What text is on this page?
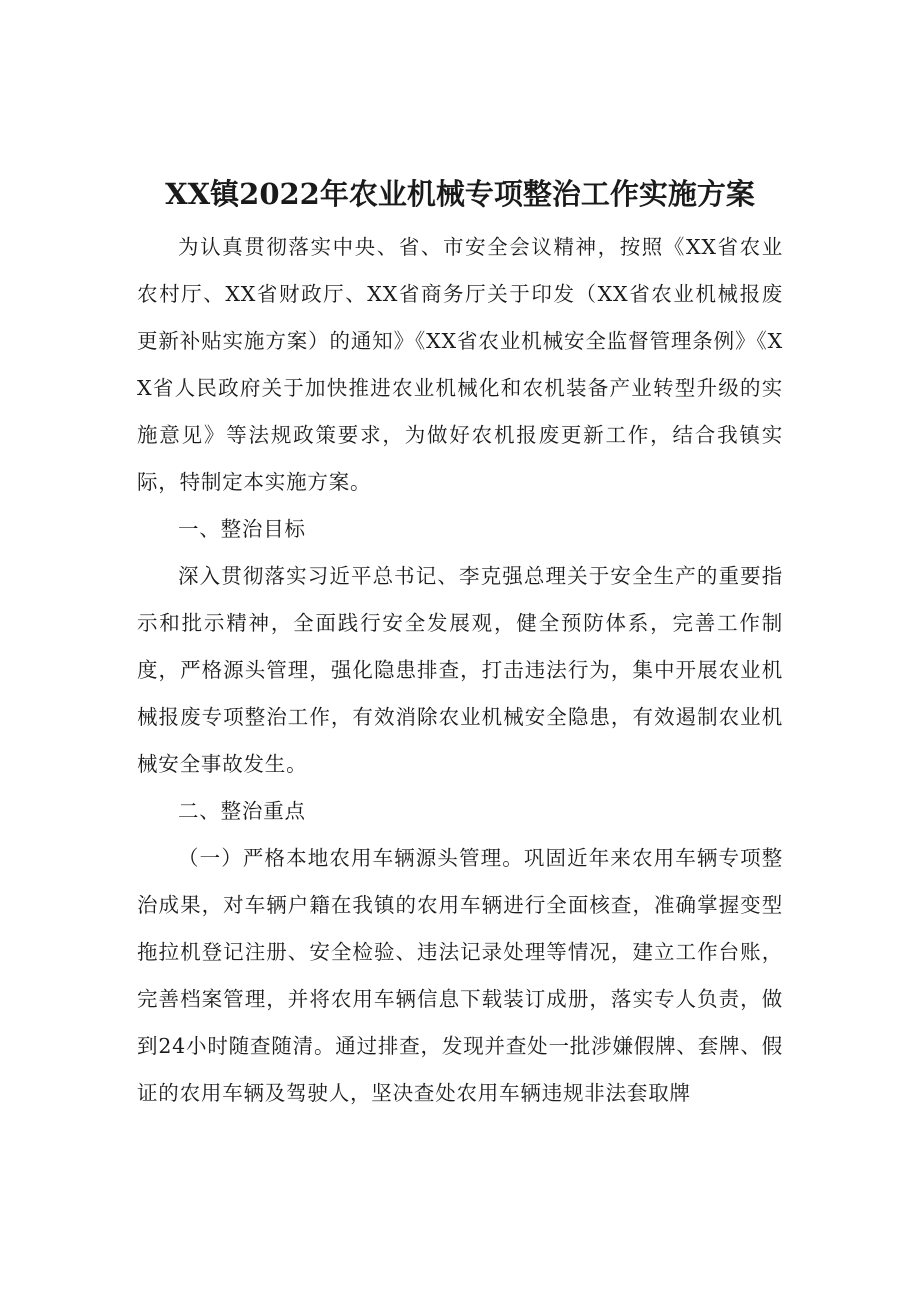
XX镇2022年农业机械专项整治工作实施方案

为认真贯彻落实中央、省、市安全会议精神，按照《XX省农业农村厅、XX省财政厅、XX省商务厅关于印发（XX省农业机械报废更新补贴实施方案）的通知》《XX省农业机械安全监督管理条例》《XX省人民政府关于加快推进农业机械化和农机装备产业转型升级的实施意见》等法规政策要求，为做好农机报废更新工作，结合我镇实际，特制定本实施方案。

一、整治目标

深入贯彻落实习近平总书记、李克强总理关于安全生产的重要指示和批示精神，全面践行安全发展观，健全预防体系，完善工作制度，严格源头管理，强化隐患排查，打击违法行为，集中开展农业机械报废专项整治工作，有效消除农业机械安全隐患，有效遏制农业机械安全事故发生。

二、整治重点

（一）严格本地农用车辆源头管理。巩固近年来农用车辆专项整治成果，对车辆户籍在我镇的农用车辆进行全面核查，准确掌握变型拖拉机登记注册、安全检验、违法记录处理等情况，建立工作台账，完善档案管理，并将农用车辆信息下载装订成册，落实专人负责，做到24小时随查随清。通过排查，发现并查处一批涉嫌假牌、套牌、假证的农用车辆及驾驶人，坚决查处农用车辆违规非法套取牌
